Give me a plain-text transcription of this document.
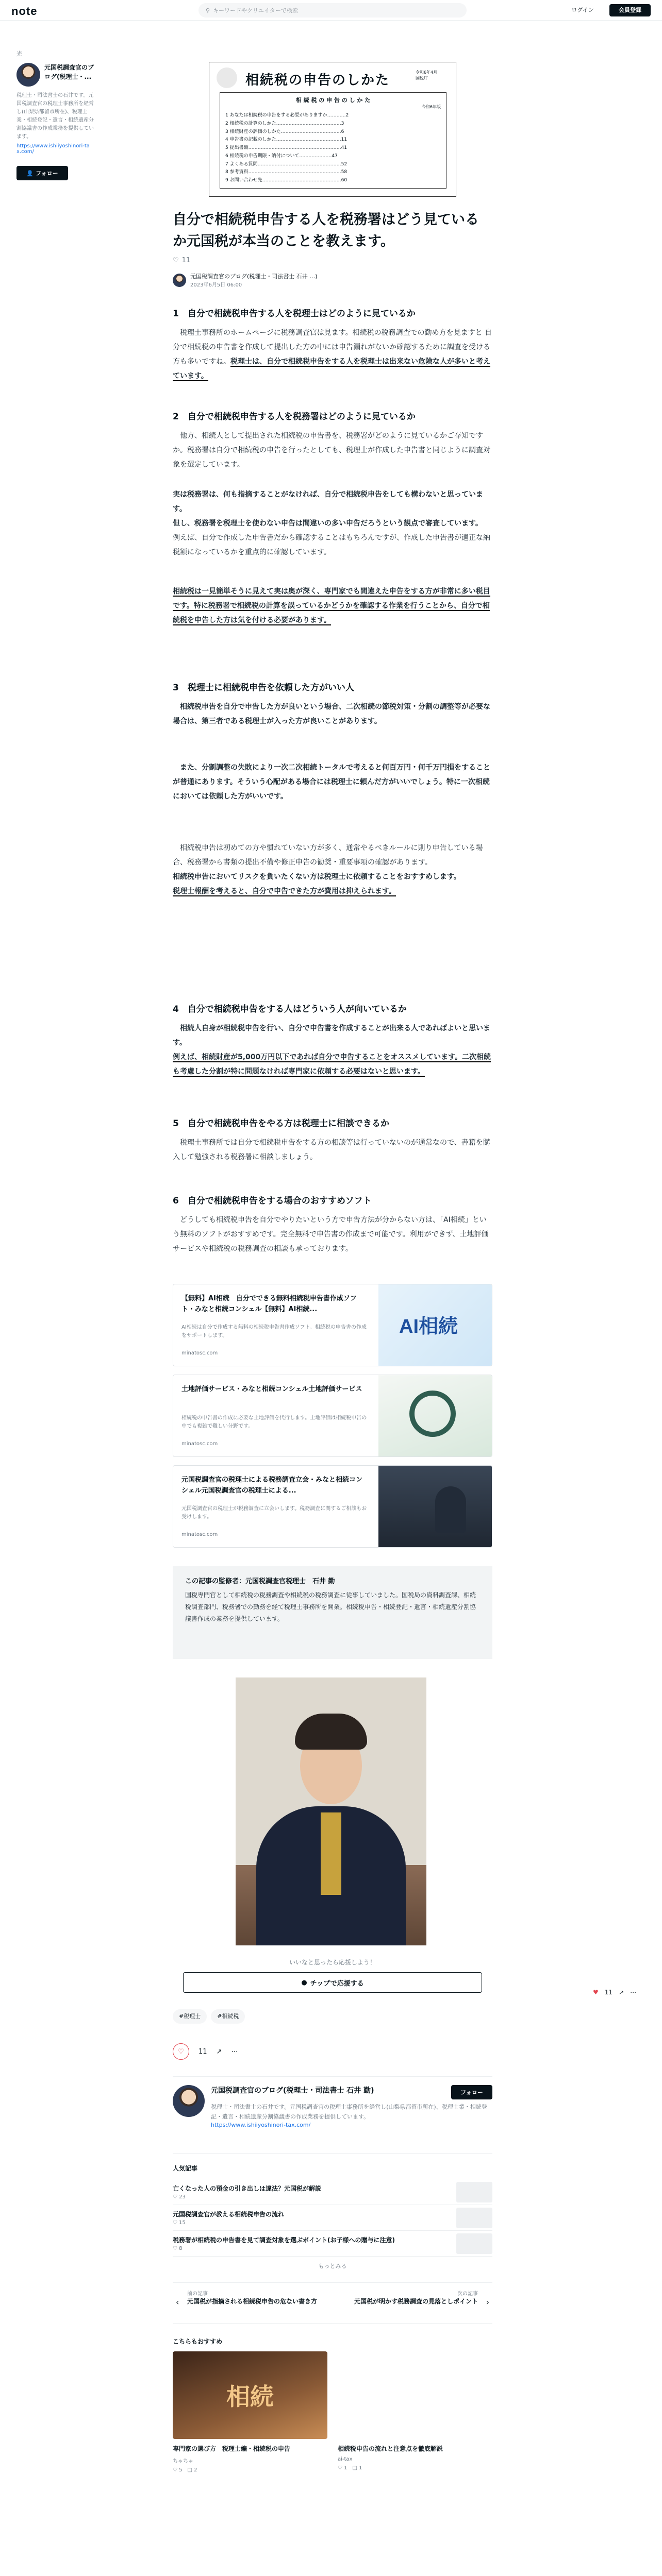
note	⚲ キーワードやクリエイターで検索	ログイン	会員登録
光
元国税調査官のブログ(税理士・...
税理士・司法書士の石井です。元国税調査官の税理士事務所を経営し(山梨県都留市所在)、税理士業・相続登記・遺言・相続遺産分割協議書の作成業務を提供しています。
https://www.ishiiyoshinori-tax.com/
👤 フォロー
相続税の申告のしかた
令和6年4月
国税庁
相 続 税 の 申 告 の し か た
令和6年版
1 あなたは相続税の申告をする必要がありますか…………2
2 相続税の計算のしかた……………………………………3
3 相続財産の評価のしかた…………………………………6
4 申告書の記載のしかた……………………………………11
5 提出書類……………………………………………………41
6 相続税の申告期限・納付について…………………47
7 よくある質問………………………………………………52
8 参考資料……………………………………………………58
9 お問い合わせ先……………………………………………60
自分で相続税申告する人を税務署はどう見ているか元国税が本当のことを教えます。
♡ 11
元国税調査官のブログ(税理士・司法書士 石井 …)
2023年6月5日 06:00
1　自分で相続税申告する人を税理士はどのように見ているか
税理士事務所のホームページに税務調査官は見ます。相続税の税務調査での勤め方を見ますと 自分で相続税の申告書を作成して提出した方の中には申告漏れがないか確認するために調査を受ける方も多いですね。税理士は、自分で相続税申告をする人を税理士は出来ない危険な人が多いと考えています。
2　自分で相続税申告する人を税務署はどのように見ているか
他方、相続人として提出された相続税の申告書を、税務署がどのように見ているかご存知ですか。税務署は自分で相続税の申告を行ったとしても、税理士が作成した申告書と同じように調査対象を選定しています。
実は税務署は、何も指摘することがなければ、自分で相続税申告をしても構わないと思っています。
但し、税務署を税理士を使わない申告は間違いの多い申告だろうという観点で審査しています。
例えば、自分で作成した申告書だから確認することはもちろんですが、作成した申告書が適正な納税額になっているかを重点的に確認しています。
相続税は一見簡単そうに見えて実は奥が深く、専門家でも間違えた申告をする方が非常に多い税目です。特に税務署で相続税の計算を誤っているかどうかを確認する作業を行うことから、自分で相続税を申告した方は気を付ける必要があります。
3　税理士に相続税申告を依頼した方がいい人
相続税申告を自分で申告した方が良いという場合、二次相続の節税対策・分割の調整等が必要な場合は、第三者である税理士が入った方が良いことがあります。
また、分割調整の失敗により一次二次相続トータルで考えると何百万円・何千万円損をすることが普通にあります。そういう心配がある場合には税理士に頼んだ方がいいでしょう。特に一次相続においては依頼した方がいいです。
相続税申告は初めての方や慣れていない方が多く、通常やるべきルールに則り申告している場合、税務署から書類の提出不備や修正申告の勧奨・重要事項の確認があります。
相続税申告においてリスクを負いたくない方は税理士に依頼することをおすすめします。
税理士報酬を考えると、自分で申告できた方が費用は抑えられます。
4　自分で相続税申告をする人はどういう人が向いているか
相続人自身が相続税申告を行い、自分で申告書を作成することが出来る人であればよいと思います。
例えば、相続財産が5,000万円以下であれば自分で申告することをオススメしています。二次相続も考慮した分割が特に問題なければ専門家に依頼する必要はないと思います。
5　自分で相続税申告をやる方は税理士に相談できるか
税理士事務所では自分で相続税申告をする方の相談等は行っていないのが通常なので、書籍を購入して勉強される税務署に相談しましょう。
6　自分で相続税申告をする場合のおすすめソフト
どうしても相続税申告を自分でやりたいという方で申告方法が分からない方は、「AI相続」という無料のソフトがおすすめです。完全無料で申告書の作成まで可能です。利用ができず、土地評価サービスや相続税の税務調査の相談も承っております。
【無料】AI相続　自分でできる無料相続税申告書作成ソフト・みなと相続コンシェル【無料】AI相続...
AI相続は自分で作成する無料の相続税申告書作成ソフト。相続税の申告書の作成をサポートします。
minatosc.com
AI相続
土地評価サービス・みなと相続コンシェル土地評価サービス
相続税の申告書の作成に必要な土地評価を代行します。土地評価は相続税申告の中でも複雑で難しい分野です。
minatosc.com
元国税調査官の税理士による税務調査立会・みなと相続コンシェル元国税調査官の税理士による...
元国税調査官の税理士が税務調査に立会いします。税務調査に関するご相談もお受けします。
minatosc.com
この記事の監修者：元国税調査官税理士　石井 勤
国税専門官として相続税の税務調査や相続税の税務調査に従事していました。国税局の資料調査課、相続税調査部門、税務署での勤務を経て税理士事務所を開業。相続税申告・相続登記・遺言・相続遺産分割協議書作成の業務を提供しています。
いいなと思ったら応援しよう！
● チップで応援する
#税理士	#相続税
♡	11 ↗ ⋯
元国税調査官のブログ(税理士・司法書士 石井 勤)	フォロー
税理士・司法書士の石井です。元国税調査官の税理士事務所を経営し(山梨県都留市所在)、税理士業・相続登記・遺言・相続遺産分割協議書の作成業務を提供しています。
https://www.ishiiyoshinori-tax.com/
人気記事
亡くなった人の預金の引き出しは違法？元国税が解説
♡ 23
元国税調査官が教える相続税申告の流れ
♡ 15
税務署が相続税の申告書を見て調査対象を選ぶポイント(お子様への贈与に注意)
♡ 8
もっとみる
‹
前の記事
元国税が指摘される相続税申告の危ない書き方	›
次の記事
元国税が明かす税務調査の見落としポイント
こちらもおすすめ
相続
専門家の選び方　税理士編・相続税の申告
ちゃちゃ
♡ 5 □ 2
相続税申告の流れと注意点を徹底解説
ai-tax
♡ 1 □ 1
♥ 11 ↗ ⋯
